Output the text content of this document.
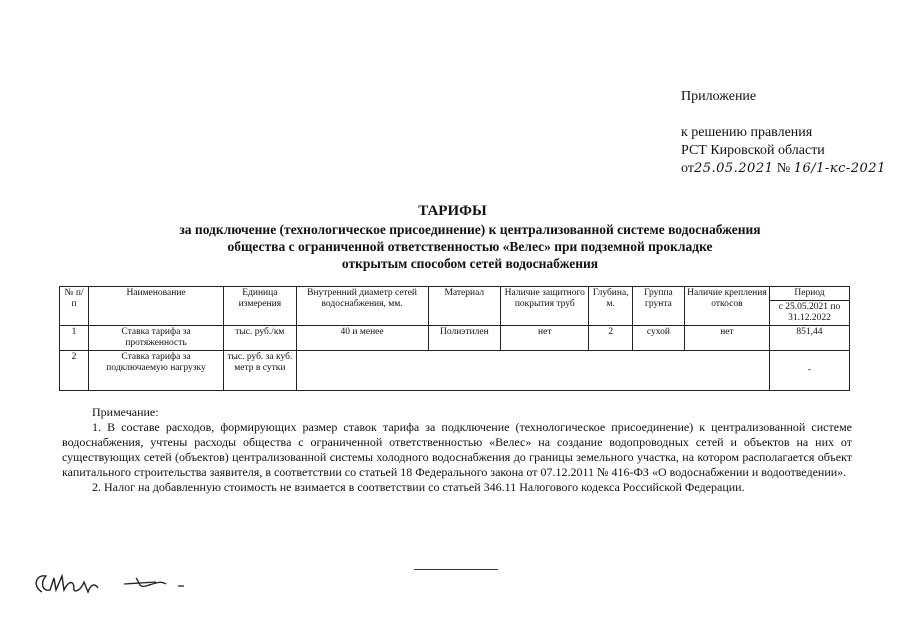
Приложение
к решению правления
РСТ Кировской области
от25.05.2021 № 16/1-кс-2021
ТАРИФЫ
за подключение (технологическое присоединение) к централизованной системе водоснабжения
общества с ограниченной ответственностью «Велес» при подземной прокладке
открытым способом сетей водоснабжения
№ п/п	Наименование	Единица измерения	Внутренний диаметр сетей водоснабжения, мм.	Материал	Наличие защитного покрытия труб	Глубина, м.	Группа грунта	Наличие крепления откосов	Период
с 25.05.2021 по 31.12.2022

1	Ставка тарифа за протяженность	тыс. руб./км	40 и менее	Полиэтилен	нет	2	сухой	нет	851,44
2	Ставка тарифа за подключаемую нагрузку	тыс. руб. за куб. метр в сутки							-

Примечание:

1. В составе расходов, формирующих размер ставок тарифа за подключение (технологическое присоединение) к централизованной системе водоснабжения, учтены расходы общества с ограниченной ответственностью «Велес» на создание водопроводных сетей и объектов на них от существующих сетей (объектов) централизованной системы холодного водоснабжения до границы земельного участка, на котором располагается объект капитального строительства заявителя, в соответствии со статьей 18 Федерального закона от 07.12.2011 № 416-ФЗ «О водоснабжении и водоотведении».

2. Налог на добавленную стоимость не взимается в соответствии со статьей 346.11 Налогового кодекса Российской Федерации.
